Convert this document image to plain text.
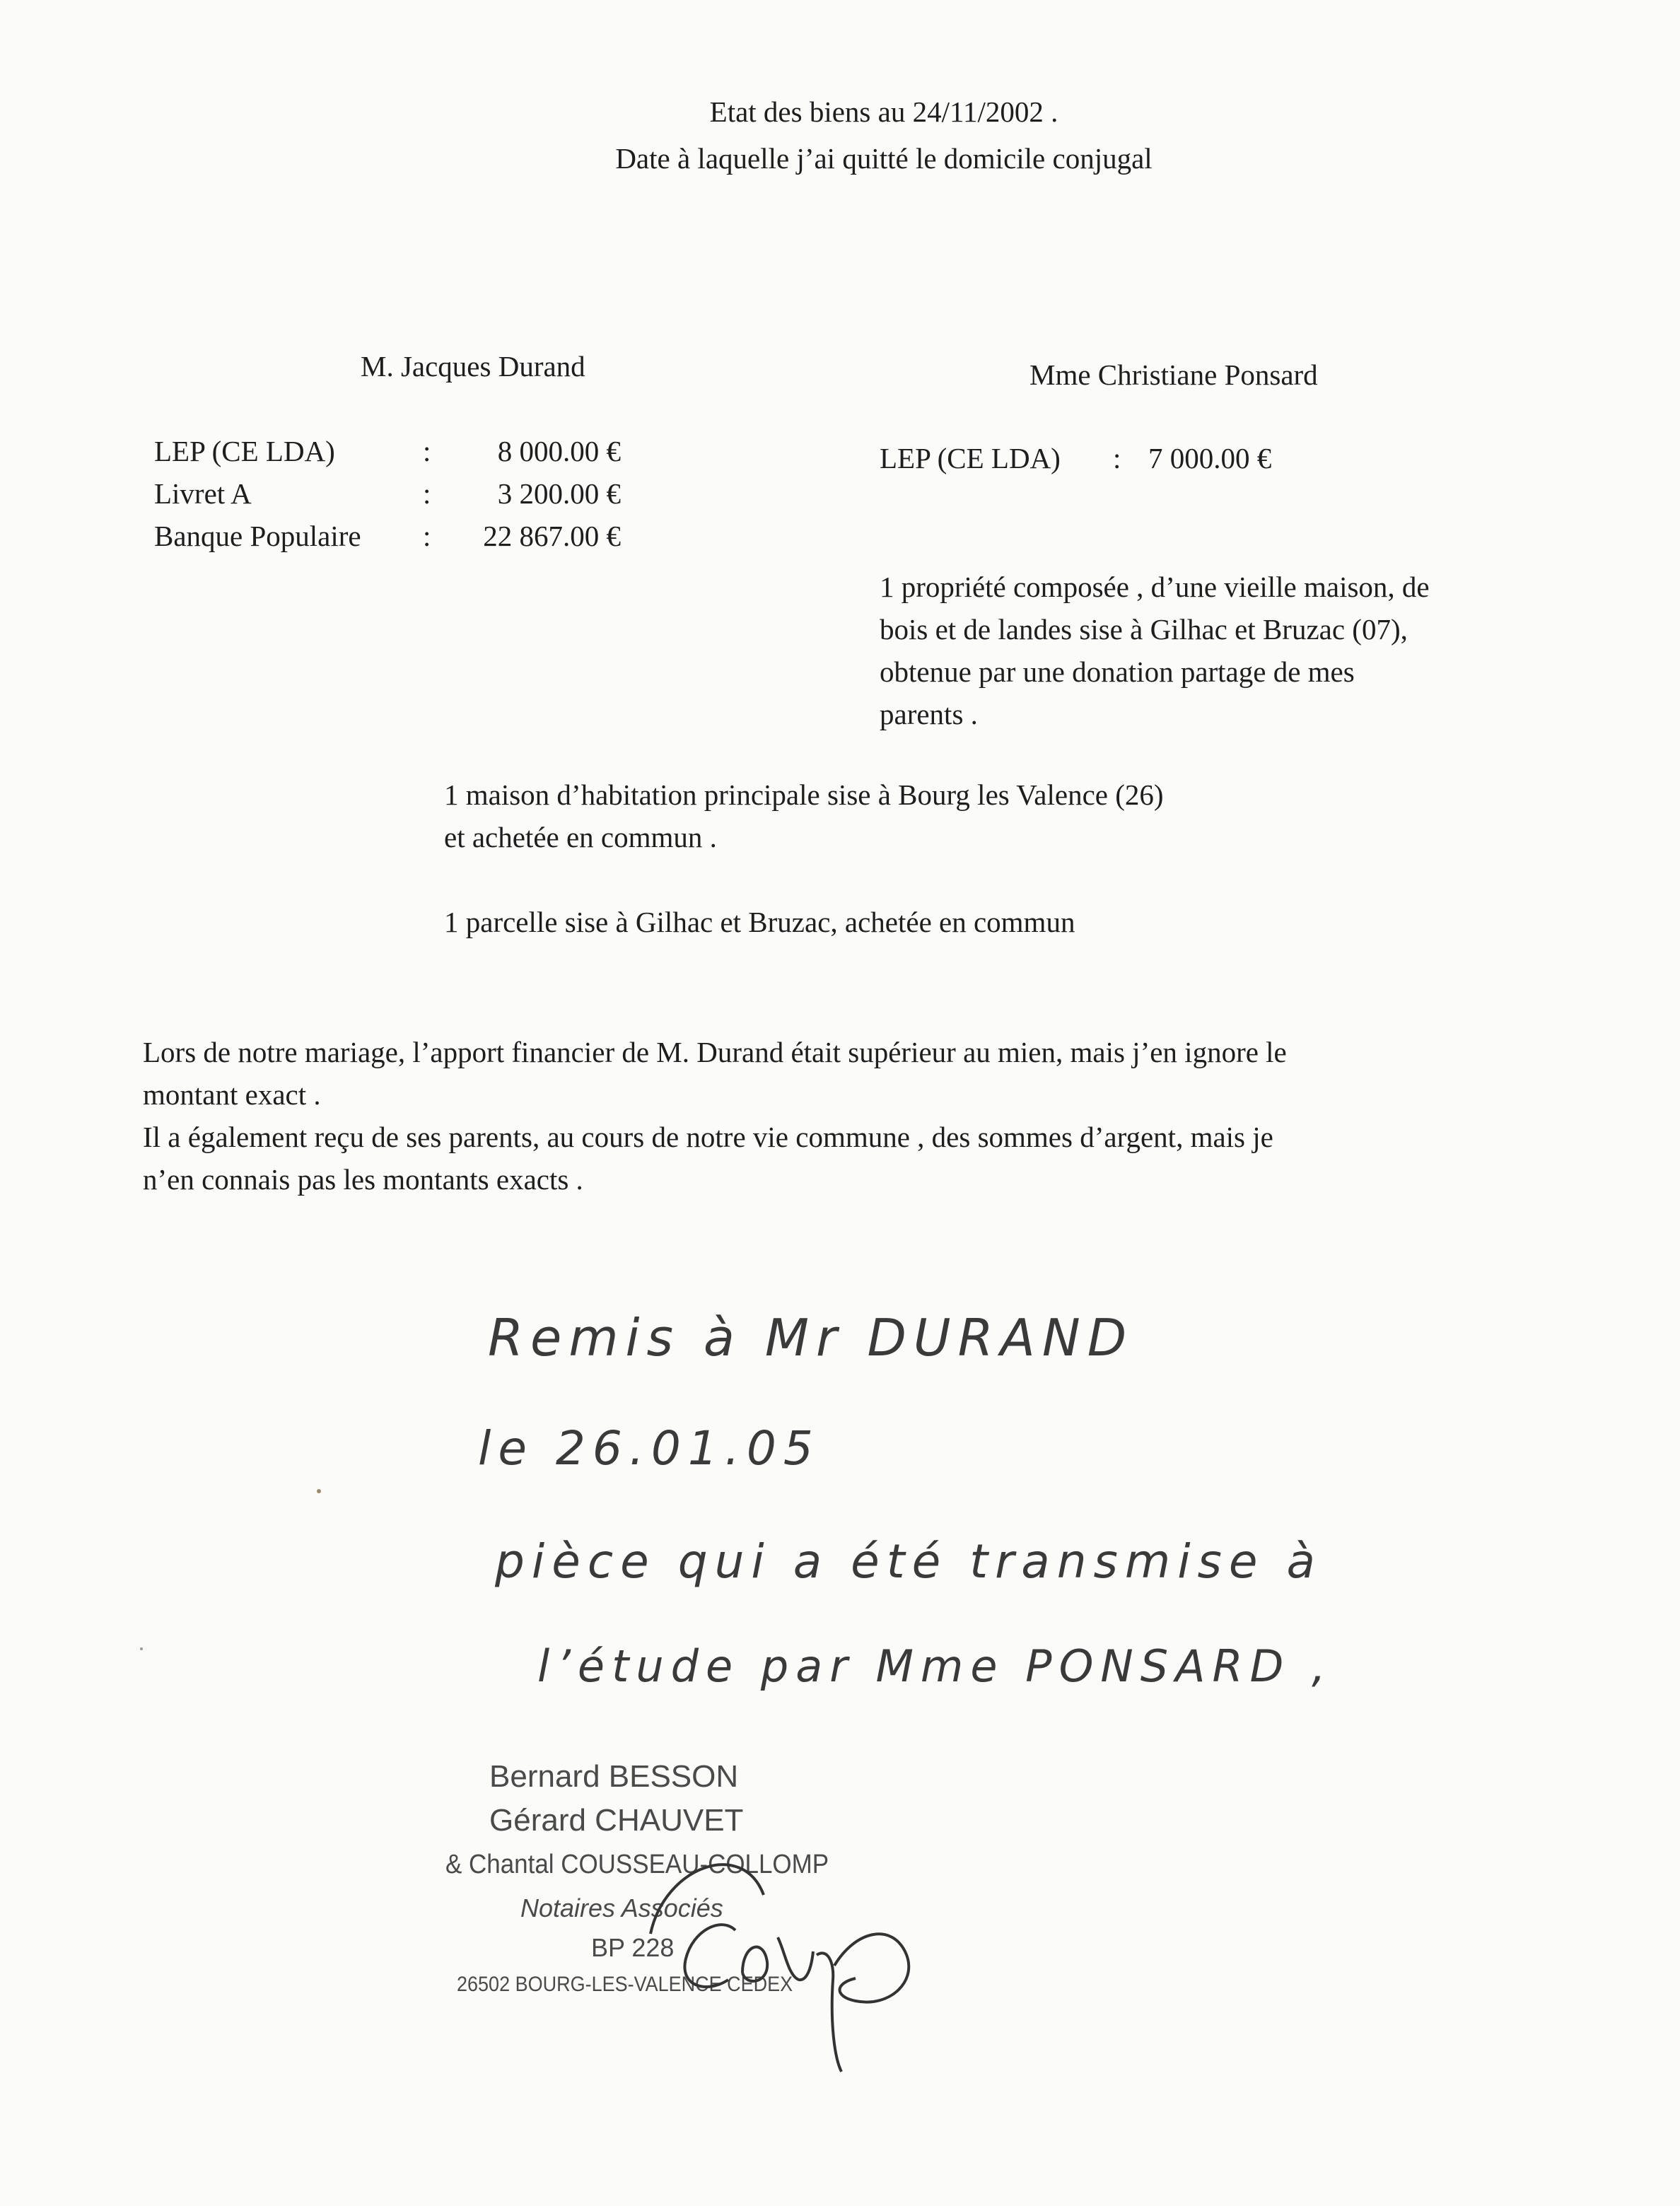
Etat des biens au 24/11/2002 .
Date à laquelle j’ai quitté le domicile conjugal
M. Jacques Durand
LEP (CE LDA)	:	8 000.00 €
Livret A	:	3 200.00 €
Banque Populaire	:	22 867.00 €
Mme Christiane Ponsard
LEP (CE LDA)	: 7 000.00 €
1 propriété composée , d’une vieille maison, de
bois et de landes sise à Gilhac et Bruzac (07),
obtenue par une donation partage de mes
parents .
1 maison d’habitation principale sise à Bourg les Valence (26)
et achetée en commun .
1 parcelle sise à Gilhac et Bruzac, achetée en commun
Lors de notre mariage, l’apport financier de M. Durand était supérieur au mien, mais j’en ignore le
montant exact .
Il a également reçu de ses parents, au cours de notre vie commune , des sommes d’argent, mais je
n’en connais pas les montants exacts .
Remis à Mr DURAND
le 26.01.05
pièce qui a été transmise à
l’étude par Mme PONSARD ,
Bernard BESSON
Gérard CHAUVET
& Chantal COUSSEAU-COLLOMP
Notaires Associés
BP 228
26502 BOURG-LES-VALENCE CEDEX
